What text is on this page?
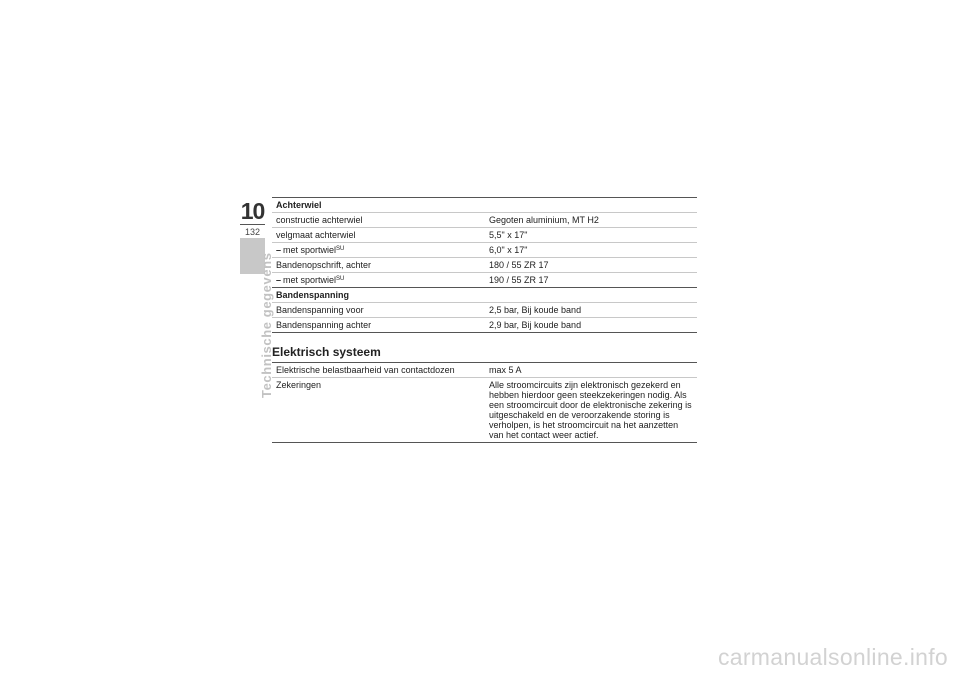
10
132
Technische gegevens
Achterwiel	
constructie achterwiel	Gegoten aluminium, MT H2
velgmaat achterwiel	5,5" x 17"
– met sportwiel$^{SU}$	6,0" x 17"
Bandenopschrift, achter	180 / 55 ZR 17
– met sportwiel$^{SU}$	190 / 55 ZR 17
Bandenspanning	
Bandenspanning voor	2,5 bar, Bij koude band
Bandenspanning achter	2,9 bar, Bij koude band
Elektrisch systeem
Elektrische belastbaarheid van contactdozen	max 5 A
Zekeringen	Alle stroomcircuits zijn elektronisch gezekerd en hebben hierdoor geen steekzekeringen nodig. Als een stroomcircuit door de elektronische zekering is uitgeschakeld en de veroorzakende storing is verholpen, is het stroomcircuit na het aanzetten van het contact weer actief.
carmanualsonline.info
